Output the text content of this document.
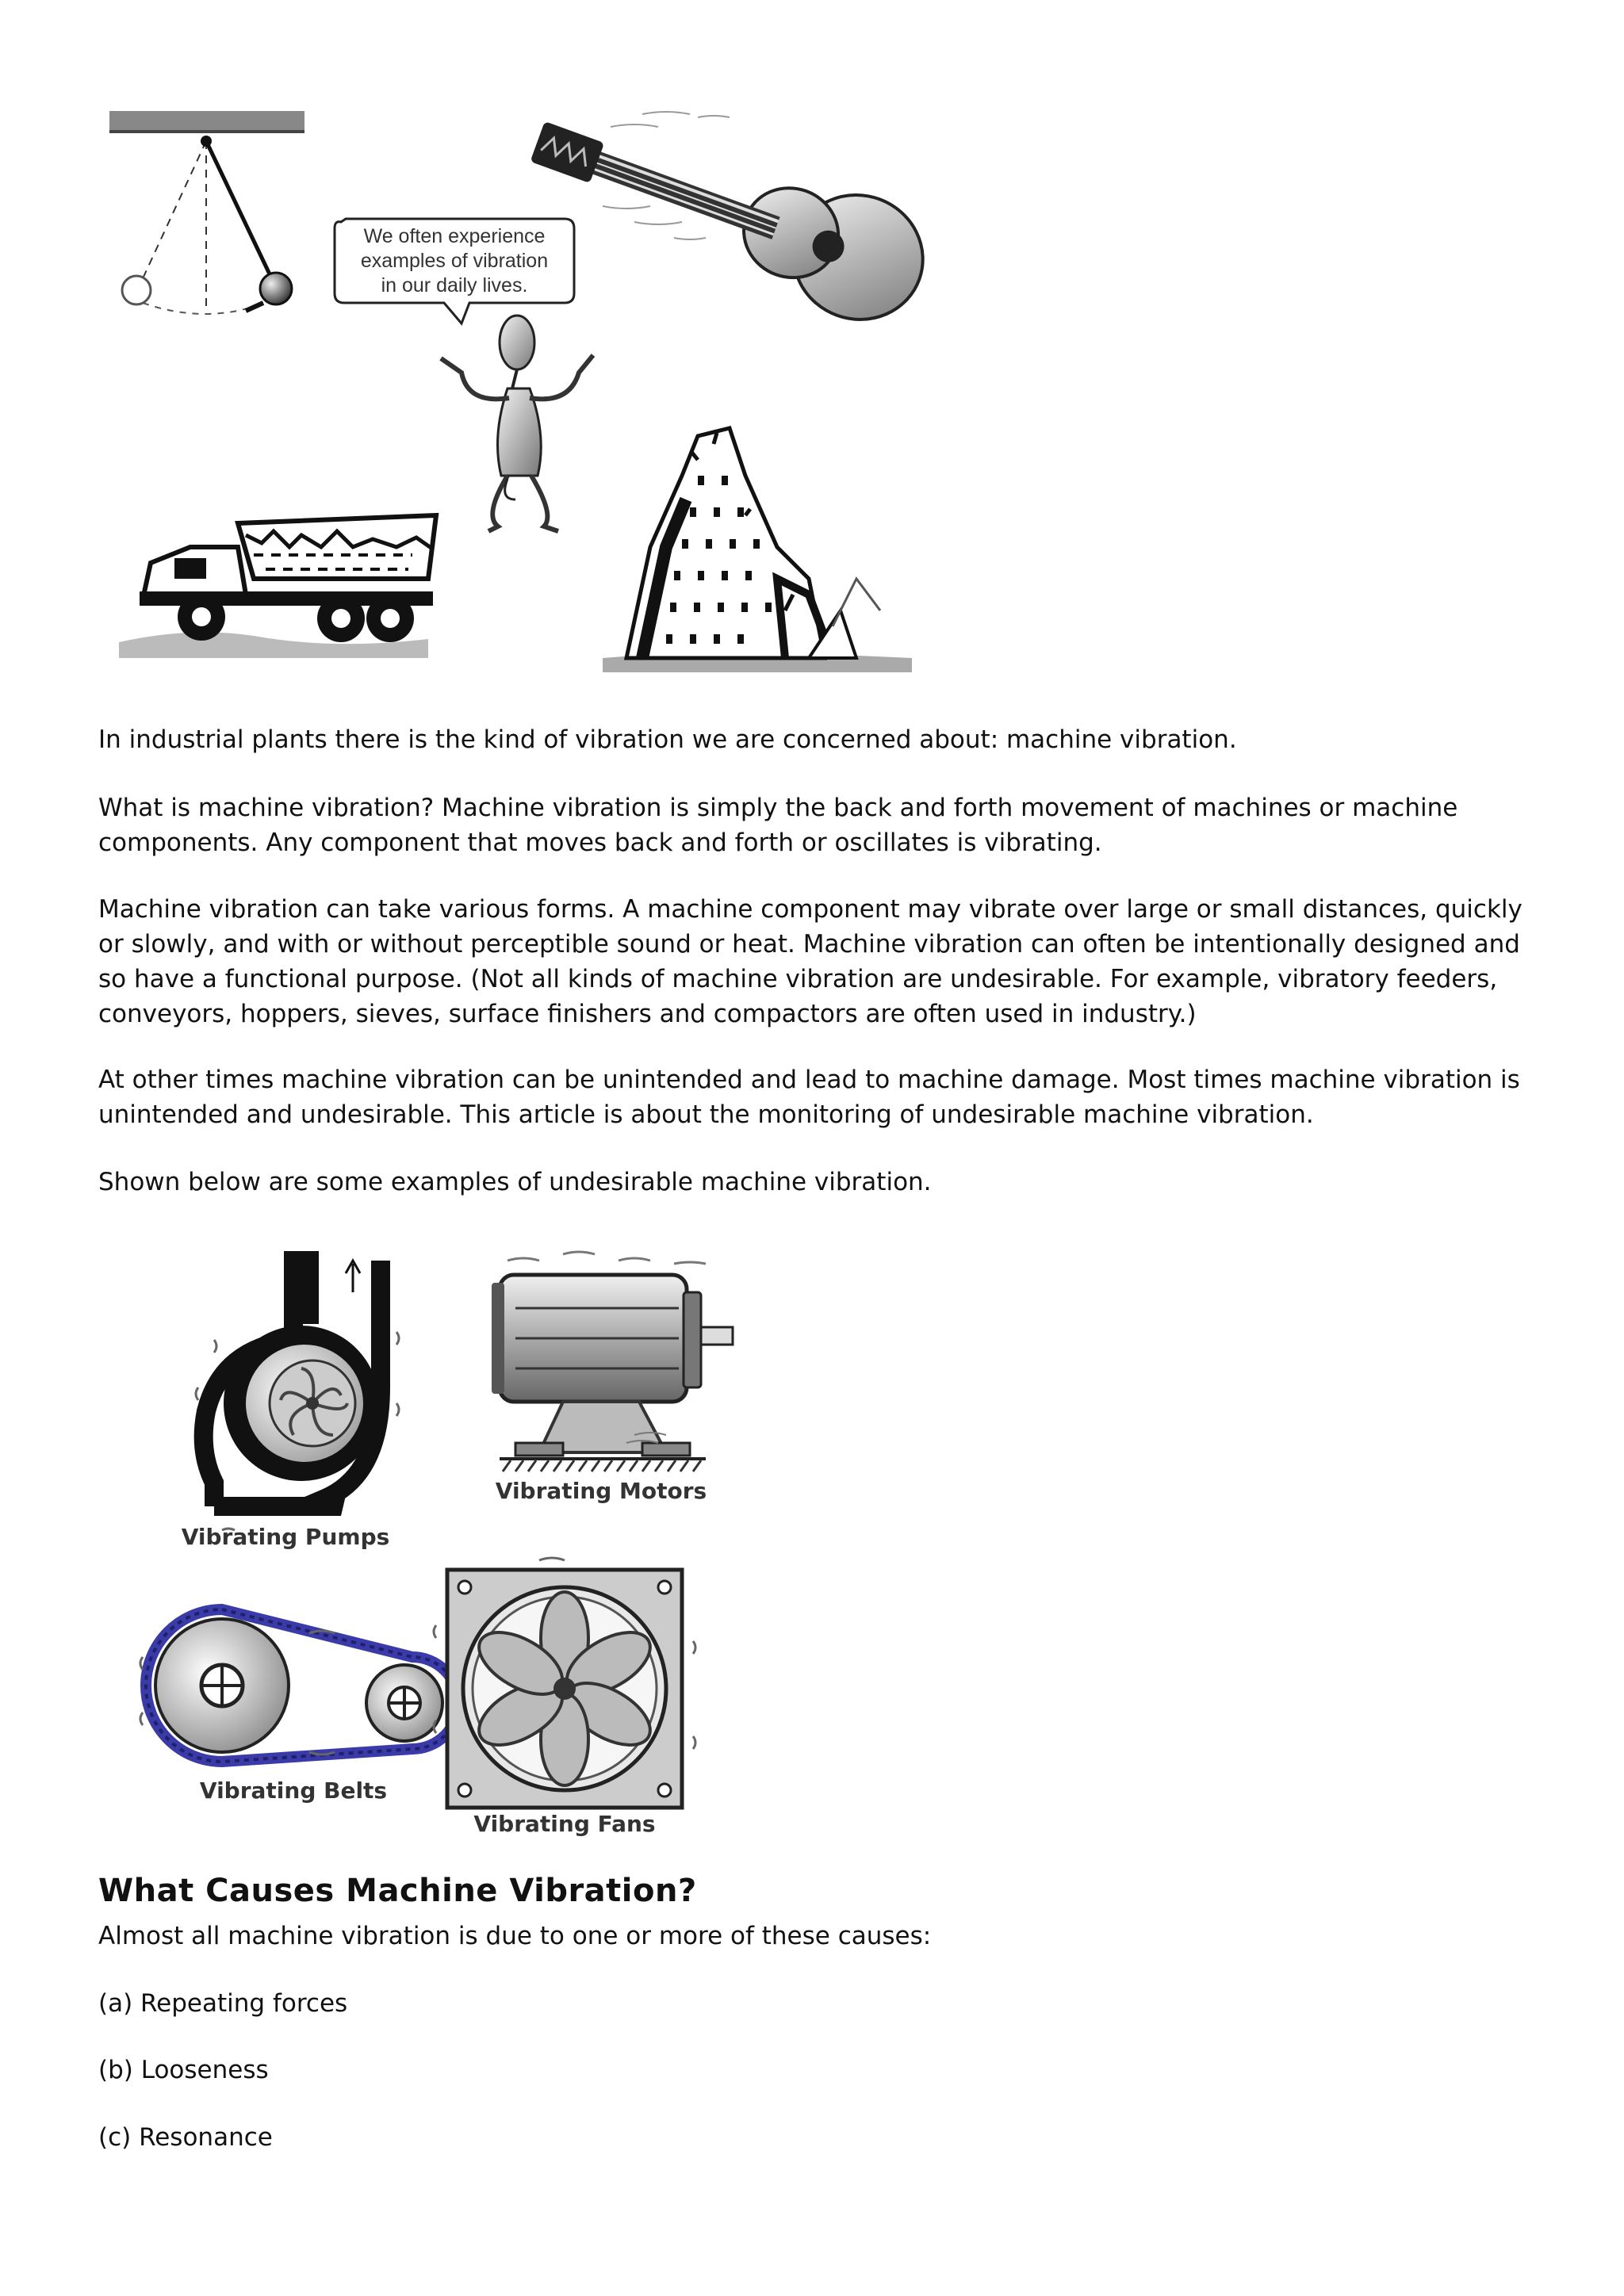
We often experience
examples of vibration
in our daily lives.

In industrial plants there is the kind of vibration we are concerned about: machine vibration.

What is machine vibration? Machine vibration is simply the back and forth movement of machines or machine components. Any component that moves back and forth or oscillates is vibrating.

Machine vibration can take various forms. A machine component may vibrate over large or small distances, quickly or slowly, and with or without perceptible sound or heat. Machine vibration can often be intentionally designed and so have a functional purpose. (Not all kinds of machine vibration are undesirable. For example, vibratory feeders, conveyors, hoppers, sieves, surface finishers and compactors are often used in industry.)

At other times machine vibration can be unintended and lead to machine damage. Most times machine vibration is unintended and undesirable. This article is about the monitoring of undesirable machine vibration.

Shown below are some examples of undesirable machine vibration.

Vibrating Pumps
Vibrating Motors
Vibrating Belts
Vibrating Fans
What Causes Machine Vibration?

Almost all machine vibration is due to one or more of these causes:

(a) Repeating forces

(b) Looseness

(c) Resonance
